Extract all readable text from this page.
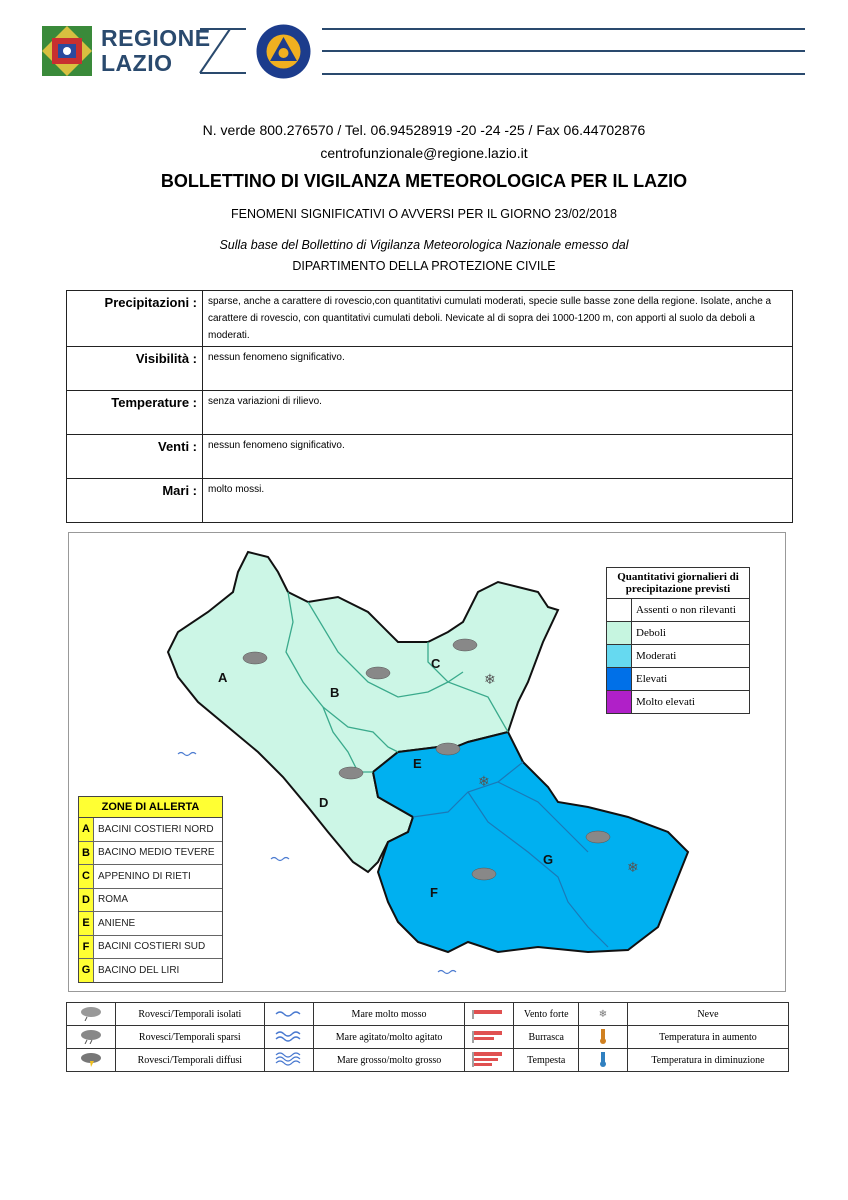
REGIONE
LAZIO
N. verde 800.276570 / Tel. 06.94528919 -20 -24 -25 / Fax 06.44702876
centrofunzionale@regione.lazio.it
BOLLETTINO DI VIGILANZA METEOROLOGICA PER IL LAZIO
FENOMENI SIGNIFICATIVI O AVVERSI PER IL GIORNO 23/02/2018
Sulla base del Bollettino di Vigilanza Meteorologica Nazionale emesso dal
DIPARTIMENTO DELLA PROTEZIONE CIVILE
Precipitazioni :	sparse, anche a carattere di rovescio,con quantitativi cumulati moderati, specie sulle basse zone della regione. Isolate, anche a carattere di rovescio, con quantitativi cumulati deboli. Nevicate al di sopra dei 1000-1200 m, con apporti al suolo da deboli a moderati.
Visibilità :	nessun fenomeno significativo.
Temperature :	senza variazioni di rilievo.
Venti :	nessun fenomeno significativo.
Mari :	molto mossi.
A
B
C
D
E
F
G
❄
❄
❄
Quantitativi giornalieri di precipitazione previsti
Assenti o non rilevanti
Deboli
Moderati
Elevati
Molto elevati
ZONE DI ALLERTA
A BACINI COSTIERI NORD
B BACINO MEDIO TEVERE
C APPENINO DI RIETI
D ROMA
E ANIENE
F BACINI COSTIERI SUD
G BACINO DEL LIRI
	Rovesci/Temporali isolati		Mare molto mosso		Vento forte	❄	Neve
	Rovesci/Temporali sparsi		Mare agitato/molto agitato		Burrasca		Temperatura in aumento
	Rovesci/Temporali diffusi		Mare grosso/molto grosso		Tempesta		Temperatura in diminuzione
